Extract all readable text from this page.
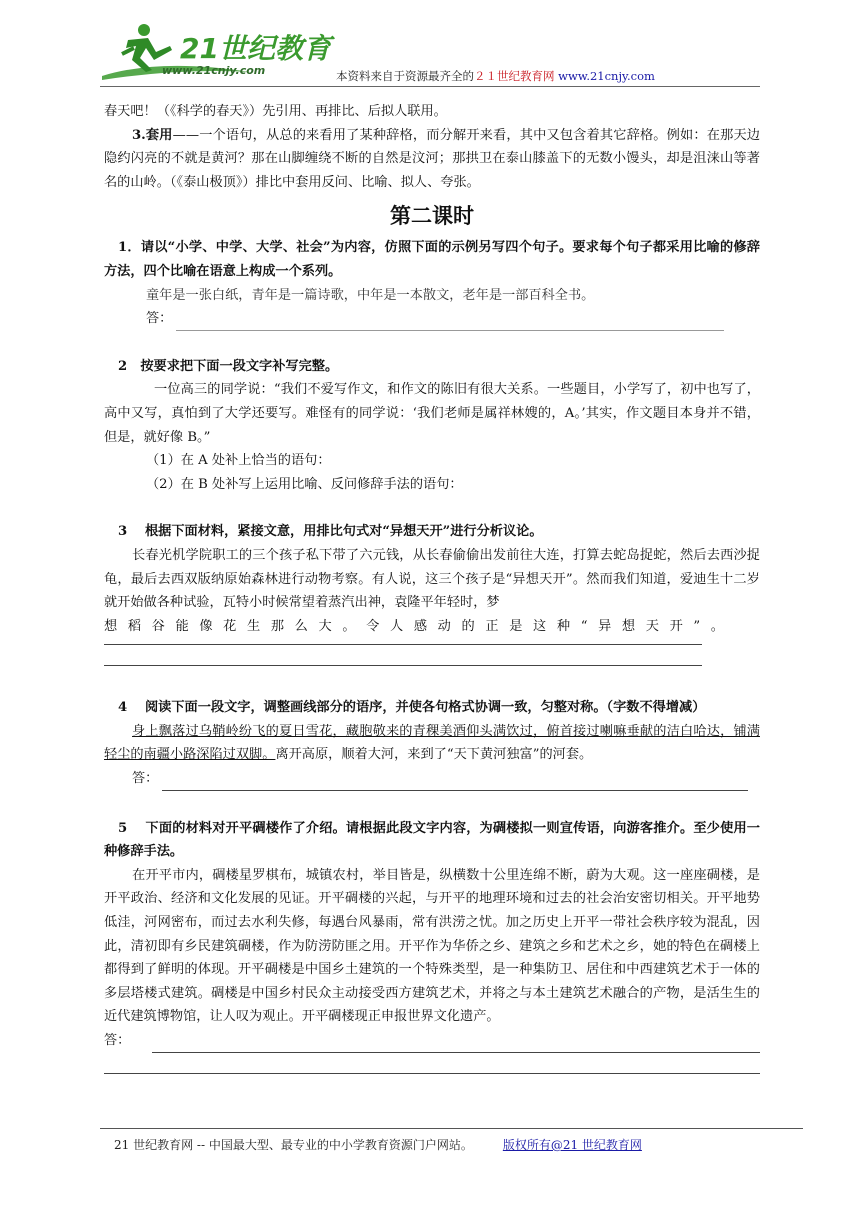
21世纪教育
www.21cnjy.com	本资料来自于资源最齐全的２１世纪教育网 www.21cnjy.com

春天吧！（《科学的春天》）先引用、再排比、后拟人联用。

3.套用——一个语句，从总的来看用了某种辞格，而分解开来看，其中又包含着其它辞格。例如：在那天边隐约闪亮的不就是黄河？那在山脚缠绕不断的自然是汶河；那拱卫在泰山膝盖下的无数小馒头，却是沮涞山等著名的山岭。（《泰山极顶》）排比中套用反问、比喻、拟人、夸张。

第二课时

1．请以“小学、中学、大学、社会”为内容，仿照下面的示例另写四个句子。要求每个句子都采用比喻的修辞方法，四个比喻在语意上构成一个系列。

童年是一张白纸，青年是一篇诗歌，中年是一本散文，老年是一部百科全书。

答：

2　按要求把下面一段文字补写完整。

一位高三的同学说：“我们不爱写作文，和作文的陈旧有很大关系。一些题目，小学写了，初中也写了，高中又写，真怕到了大学还要写。难怪有的同学说：‘我们老师是属祥林嫂的，A。’其实，作文题目本身并不错，但是，就好像 B。”

（1）在 A 处补上恰当的语句：

（2）在 B 处补写上运用比喻、反问修辞手法的语句：

3　 根据下面材料，紧接文意，用排比句式对“异想天开”进行分析议论。

长春光机学院职工的三个孩子私下带了六元钱，从长春偷偷出发前往大连，打算去蛇岛捉蛇，然后去西沙捉龟，最后去西双版纳原始森林进行动物考察。有人说，这三个孩子是“异想天开”。然而我们知道，爱迪生十二岁就开始做各种试验，瓦特小时候常望着蒸汽出神，袁隆平年轻时，梦

想稻谷能像花生那么大。令人感动的正是这种“异想天开”。

4　 阅读下面一段文字，调整画线部分的语序，并使各句格式协调一致，匀整对称。（字数不得增减）

身上飘落过乌鞘岭纷飞的夏日雪花，藏胞敬来的青稞美酒仰头满饮过，俯首接过喇嘛垂献的洁白哈达，铺满轻尘的南疆小路深陷过双脚。离开高原，顺着大河，来到了“天下黄河独富”的河套。

答：

5　 下面的材料对开平碉楼作了介绍。请根据此段文字内容，为碉楼拟一则宣传语，向游客推介。至少使用一种修辞手法。

在开平市内，碉楼星罗棋布，城镇农村，举目皆是，纵横数十公里连绵不断，蔚为大观。这一座座碉楼，是开平政治、经济和文化发展的见证。开平碉楼的兴起，与开平的地理环境和过去的社会治安密切相关。开平地势低洼，河网密布，而过去水利失修，每遇台风暴雨，常有洪涝之忧。加之历史上开平一带社会秩序较为混乱，因此，清初即有乡民建筑碉楼，作为防涝防匪之用。开平作为华侨之乡、建筑之乡和艺术之乡，她的特色在碉楼上都得到了鲜明的体现。开平碉楼是中国乡土建筑的一个特殊类型，是一种集防卫、居住和中西建筑艺术于一体的多层塔楼式建筑。碉楼是中国乡村民众主动接受西方建筑艺术，并将之与本土建筑艺术融合的产物，是活生生的近代建筑博物馆，让人叹为观止。开平碉楼现正申报世界文化遗产。

答：
21 世纪教育网 -- 中国最大型、最专业的中小学教育资源门户网站。	版权所有@21 世纪教育网
